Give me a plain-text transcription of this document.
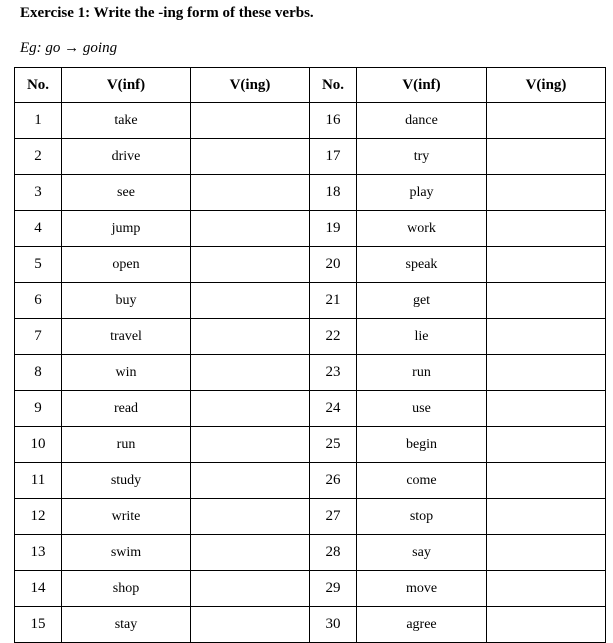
Exercise 1: Write the -ing form of these verbs.
Eg: go → going
No.	V(inf)	V(ing)	No.	V(inf)	V(ing)
1	take		16	dance	
2	drive		17	try	
3	see		18	play	
4	jump		19	work	
5	open		20	speak	
6	buy		21	get	
7	travel		22	lie	
8	win		23	run	
9	read		24	use	
10	run		25	begin	
11	study		26	come	
12	write		27	stop	
13	swim		28	say	
14	shop		29	move	
15	stay		30	agree	
